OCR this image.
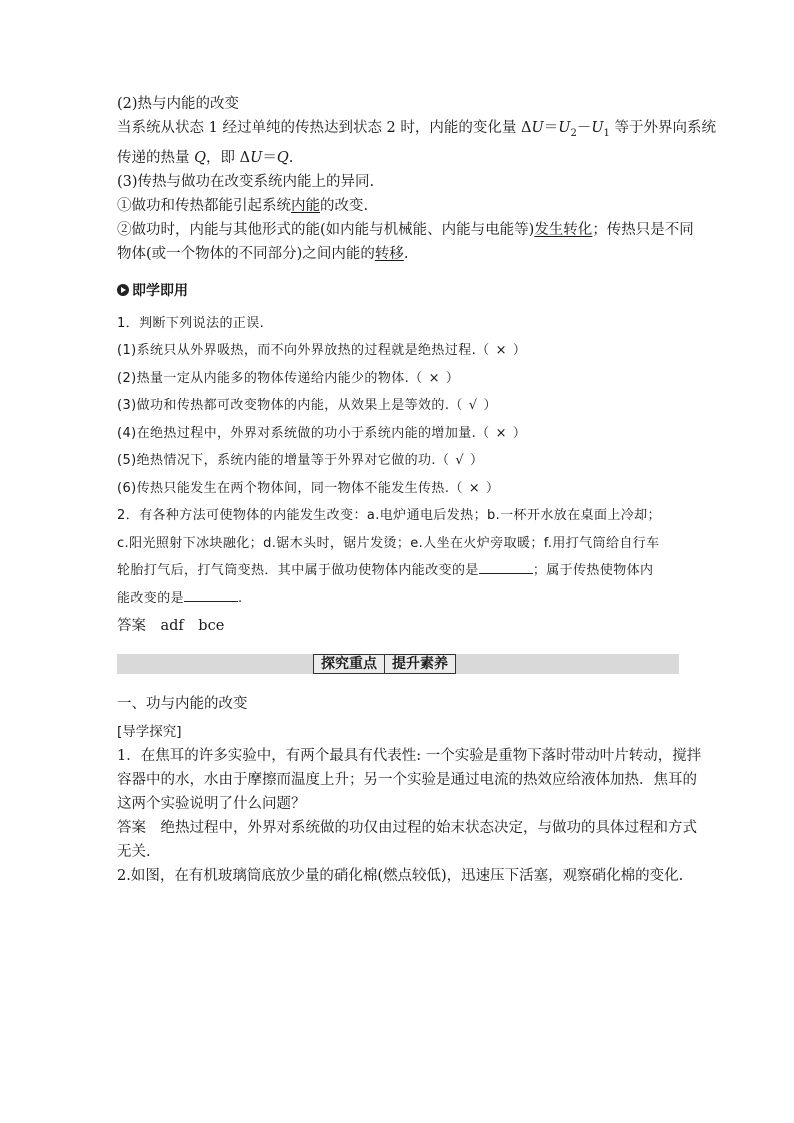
(2)热与内能的改变

当系统从状态 1 经过单纯的传热达到状态 2 时，内能的变化量 $\Delta U=U_2-U_1$ 等于外界向系统

传递的热量 Q，即 ΔU＝Q.

(3)传热与做功在改变系统内能上的异同.

①做功和传热都能引起系统内能的改变.

②做功时，内能与其他形式的能(如内能与机械能、内能与电能等)发生转化；传热只是不同

物体(或一个物体的不同部分)之间内能的转移.

即学即用
1．判断下列说法的正误.
(1)系统只从外界吸热，而不向外界放热的过程就是绝热过程.（ × ）
(2)热量一定从内能多的物体传递给内能少的物体.（ × ）
(3)做功和传热都可改变物体的内能，从效果上是等效的.（ √ ）
(4)在绝热过程中，外界对系统做的功小于系统内能的增加量.（ × ）
(5)绝热情况下，系统内能的增量等于外界对它做的功.（ √ ）
(6)传热只能发生在两个物体间，同一物体不能发生传热.（ × ）
2．有各种方法可使物体的内能发生改变：a.电炉通电后发热；b.一杯开水放在桌面上冷却；
c.阳光照射下冰块融化；d.锯木头时，锯片发烫；e.人坐在火炉旁取暖；f.用打气筒给自行车
轮胎打气后，打气筒变热．其中属于做功使物体内能改变的是	；属于传热使物体内
能改变的是	.

答案　 adf　bce

探究重点	提升素养

一、功与内能的改变

[导学探究]

1．在焦耳的许多实验中，有两个最具有代表性: 一个实验是重物下落时带动叶片转动，搅拌

容器中的水，水由于摩擦而温度上升；另一个实验是通过电流的热效应给液体加热．焦耳的

这两个实验说明了什么问题？

答案　绝热过程中，外界对系统做的功仅由过程的始末状态决定，与做功的具体过程和方式

无关.

2.如图，在有机玻璃筒底放少量的硝化棉(燃点较低)，迅速压下活塞，观察硝化棉的变化.
